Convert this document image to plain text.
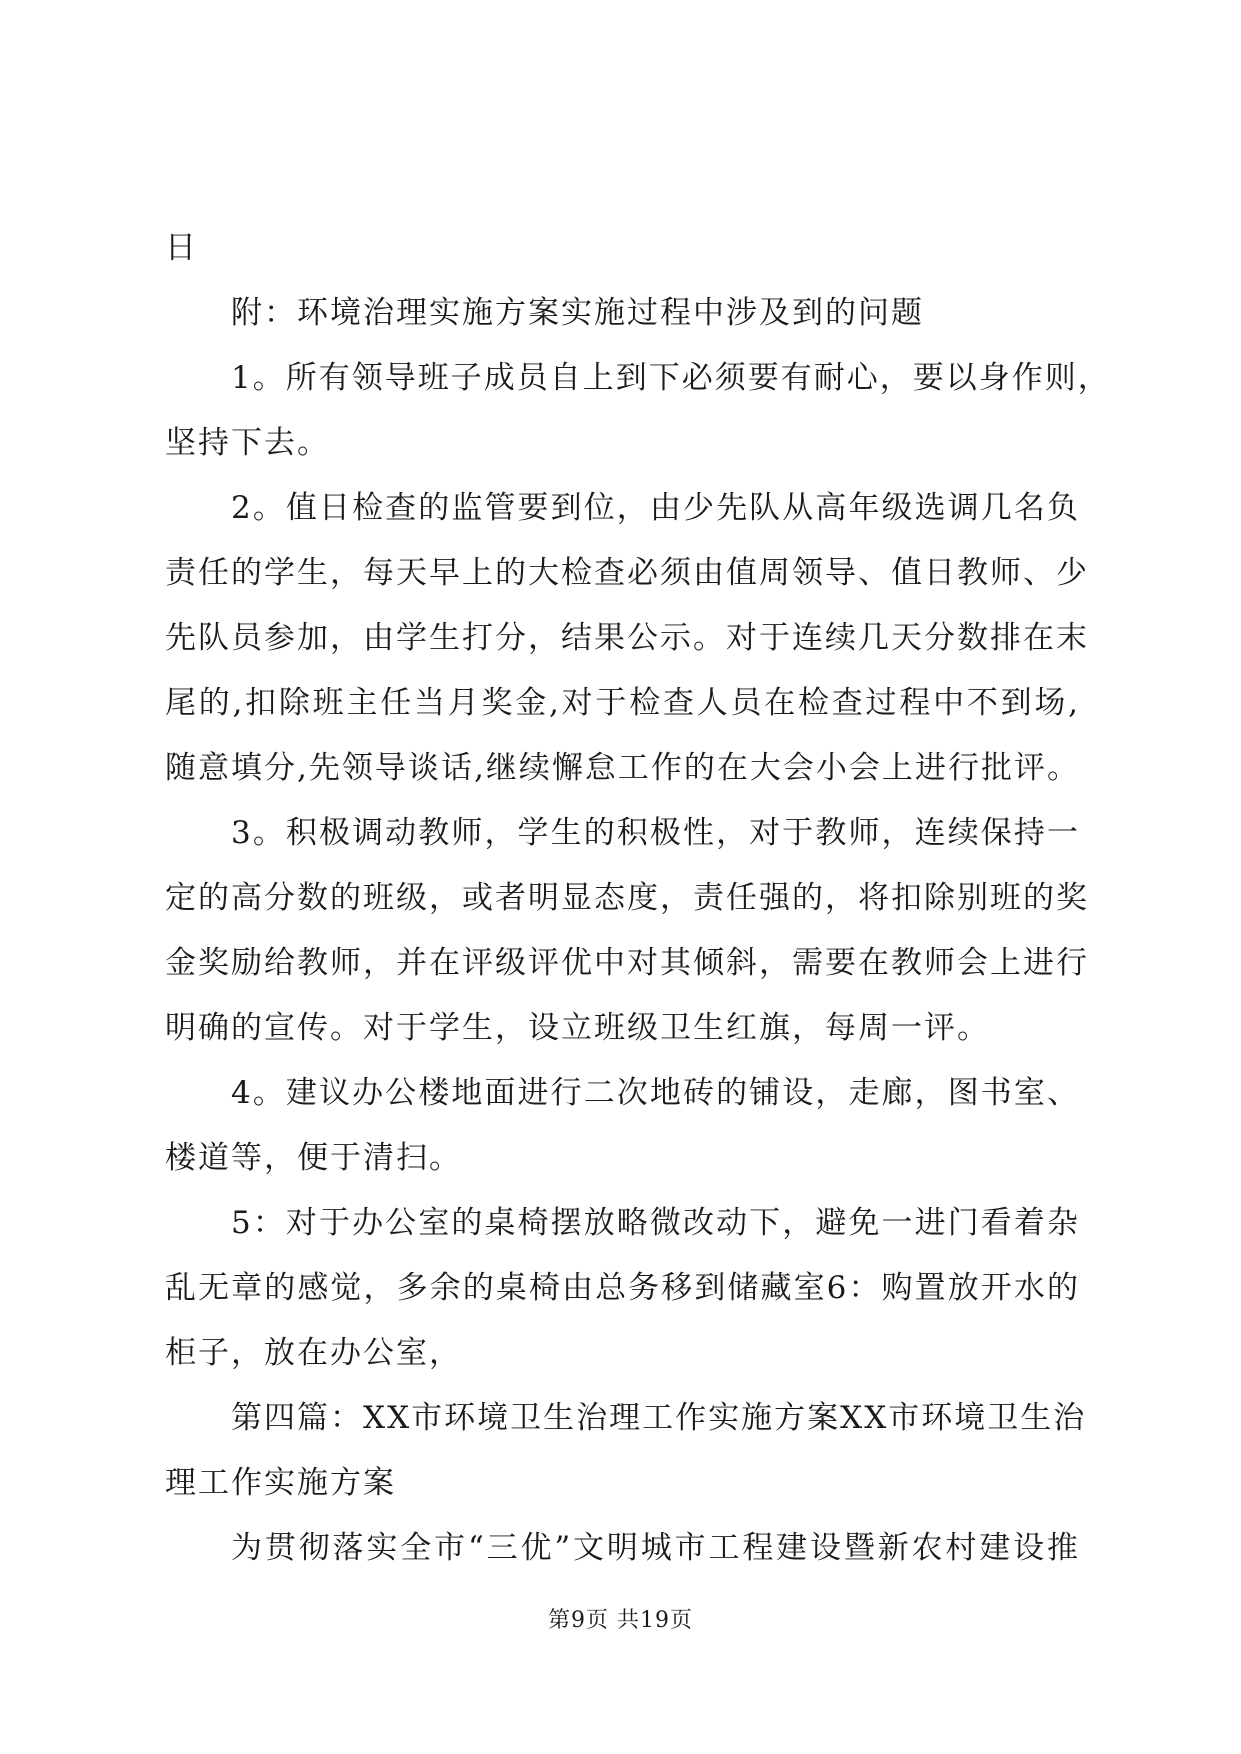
日
附：环境治理实施方案实施过程中涉及到的问题
1。所有领导班子成员自上到下必须要有耐心，要以身作则，
坚持下去。
2。值日检查的监管要到位，由少先队从高年级选调几名负
责任的学生，每天早上的大检查必须由值周领导、值日教师、少
先队员参加，由学生打分，结果公示。对于连续几天分数排在末
尾的,扣除班主任当月奖金,对于检查人员在检查过程中不到场,
随意填分,先领导谈话,继续懈怠工作的在大会小会上进行批评。
3。积极调动教师，学生的积极性，对于教师，连续保持一
定的高分数的班级，或者明显态度，责任强的，将扣除别班的奖
金奖励给教师，并在评级评优中对其倾斜，需要在教师会上进行
明确的宣传。对于学生，设立班级卫生红旗，每周一评。
4。建议办公楼地面进行二次地砖的铺设，走廊，图书室、
楼道等，便于清扫。
5：对于办公室的桌椅摆放略微改动下，避免一进门看着杂
乱无章的感觉，多余的桌椅由总务移到储藏室6：购置放开水的
柜子，放在办公室，
第四篇：XX市环境卫生治理工作实施方案XX市环境卫生治
理工作实施方案
为贯彻落实全市“三优”文明城市工程建设暨新农村建设推
第9页 共19页
